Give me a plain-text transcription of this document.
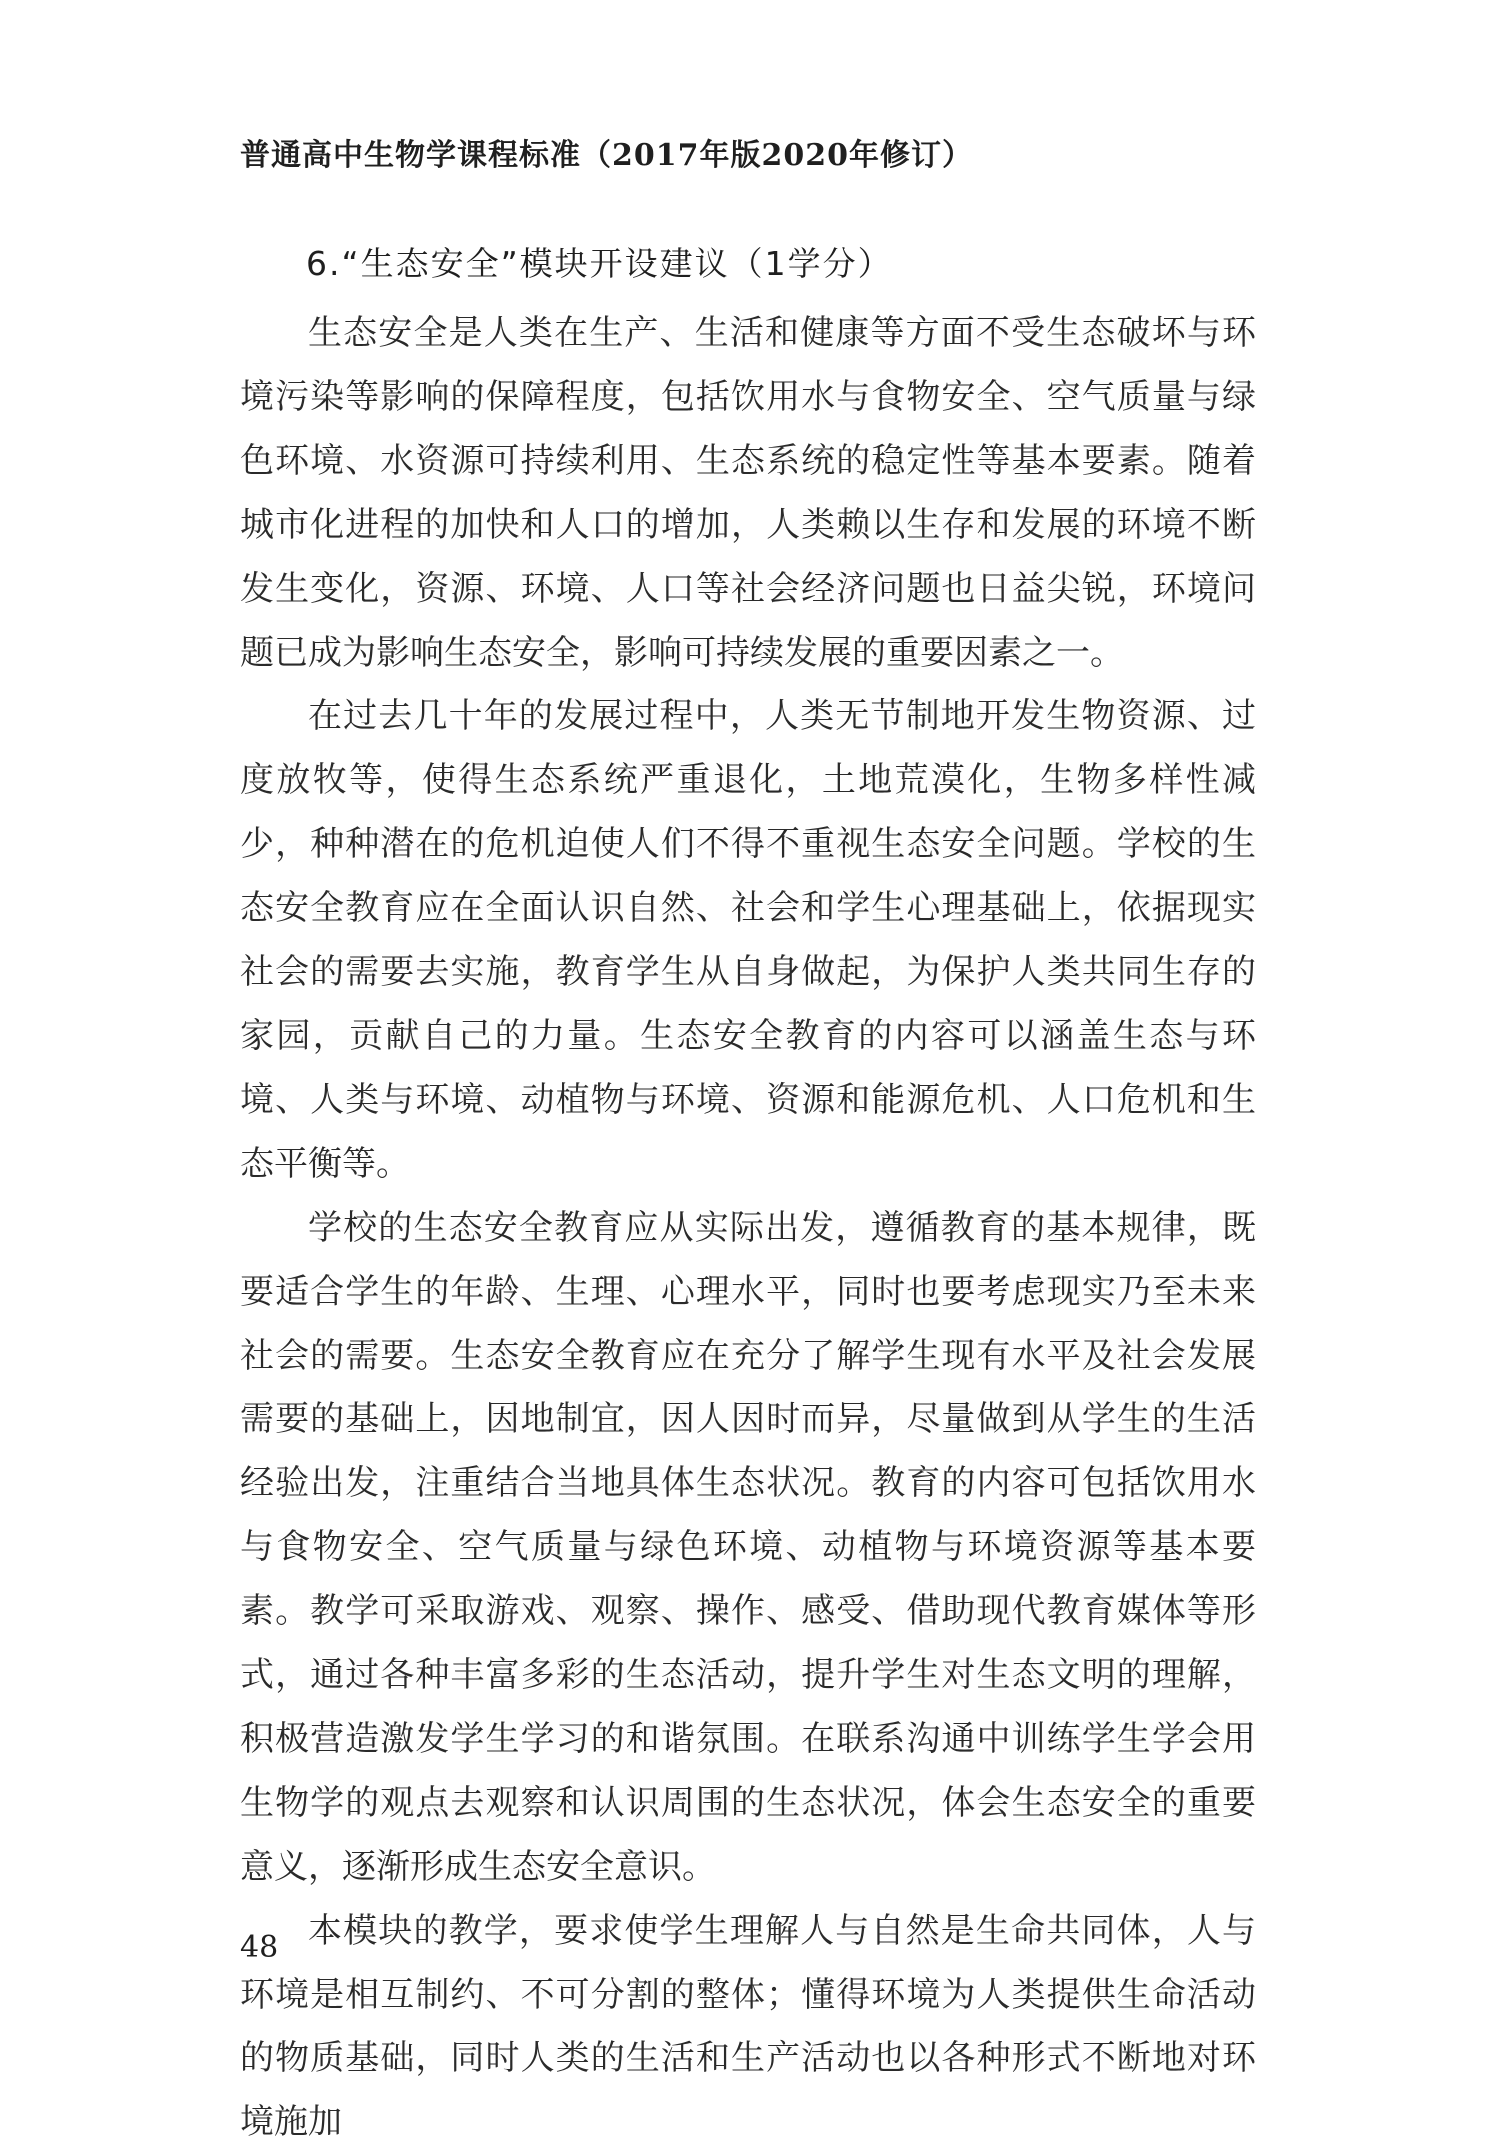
普通高中生物学课程标准（2017年版2020年修订）
6.“生态安全”模块开设建议（1学分）

生态安全是人类在生产、生活和健康等方面不受生态破坏与环境污染等影响的保障程度，包括饮用水与食物安全、空气质量与绿色环境、水资源可持续利用、生态系统的稳定性等基本要素。随着城市化进程的加快和人口的增加，人类赖以生存和发展的环境不断发生变化，资源、环境、人口等社会经济问题也日益尖锐，环境问题已成为影响生态安全，影响可持续发展的重要因素之一。

在过去几十年的发展过程中，人类无节制地开发生物资源、过度放牧等，使得生态系统严重退化，土地荒漠化，生物多样性减少，种种潜在的危机迫使人们不得不重视生态安全问题。学校的生态安全教育应在全面认识自然、社会和学生心理基础上，依据现实社会的需要去实施，教育学生从自身做起，为保护人类共同生存的家园，贡献自己的力量。生态安全教育的内容可以涵盖生态与环境、人类与环境、动植物与环境、资源和能源危机、人口危机和生态平衡等。

学校的生态安全教育应从实际出发，遵循教育的基本规律，既要适合学生的年龄、生理、心理水平，同时也要考虑现实乃至未来社会的需要。生态安全教育应在充分了解学生现有水平及社会发展需要的基础上，因地制宜，因人因时而异，尽量做到从学生的生活经验出发，注重结合当地具体生态状况。教育的内容可包括饮用水与食物安全、空气质量与绿色环境、动植物与环境资源等基本要素。教学可采取游戏、观察、操作、感受、借助现代教育媒体等形式，通过各种丰富多彩的生态活动，提升学生对生态文明的理解，积极营造激发学生学习的和谐氛围。在联系沟通中训练学生学会用生物学的观点去观察和认识周围的生态状况，体会生态安全的重要意义，逐渐形成生态安全意识。

本模块的教学，要求使学生理解人与自然是生命共同体，人与环境是相互制约、不可分割的整体；懂得环境为人类提供生命活动的物质基础，同时人类的生活和生产活动也以各种形式不断地对环境施加

48
